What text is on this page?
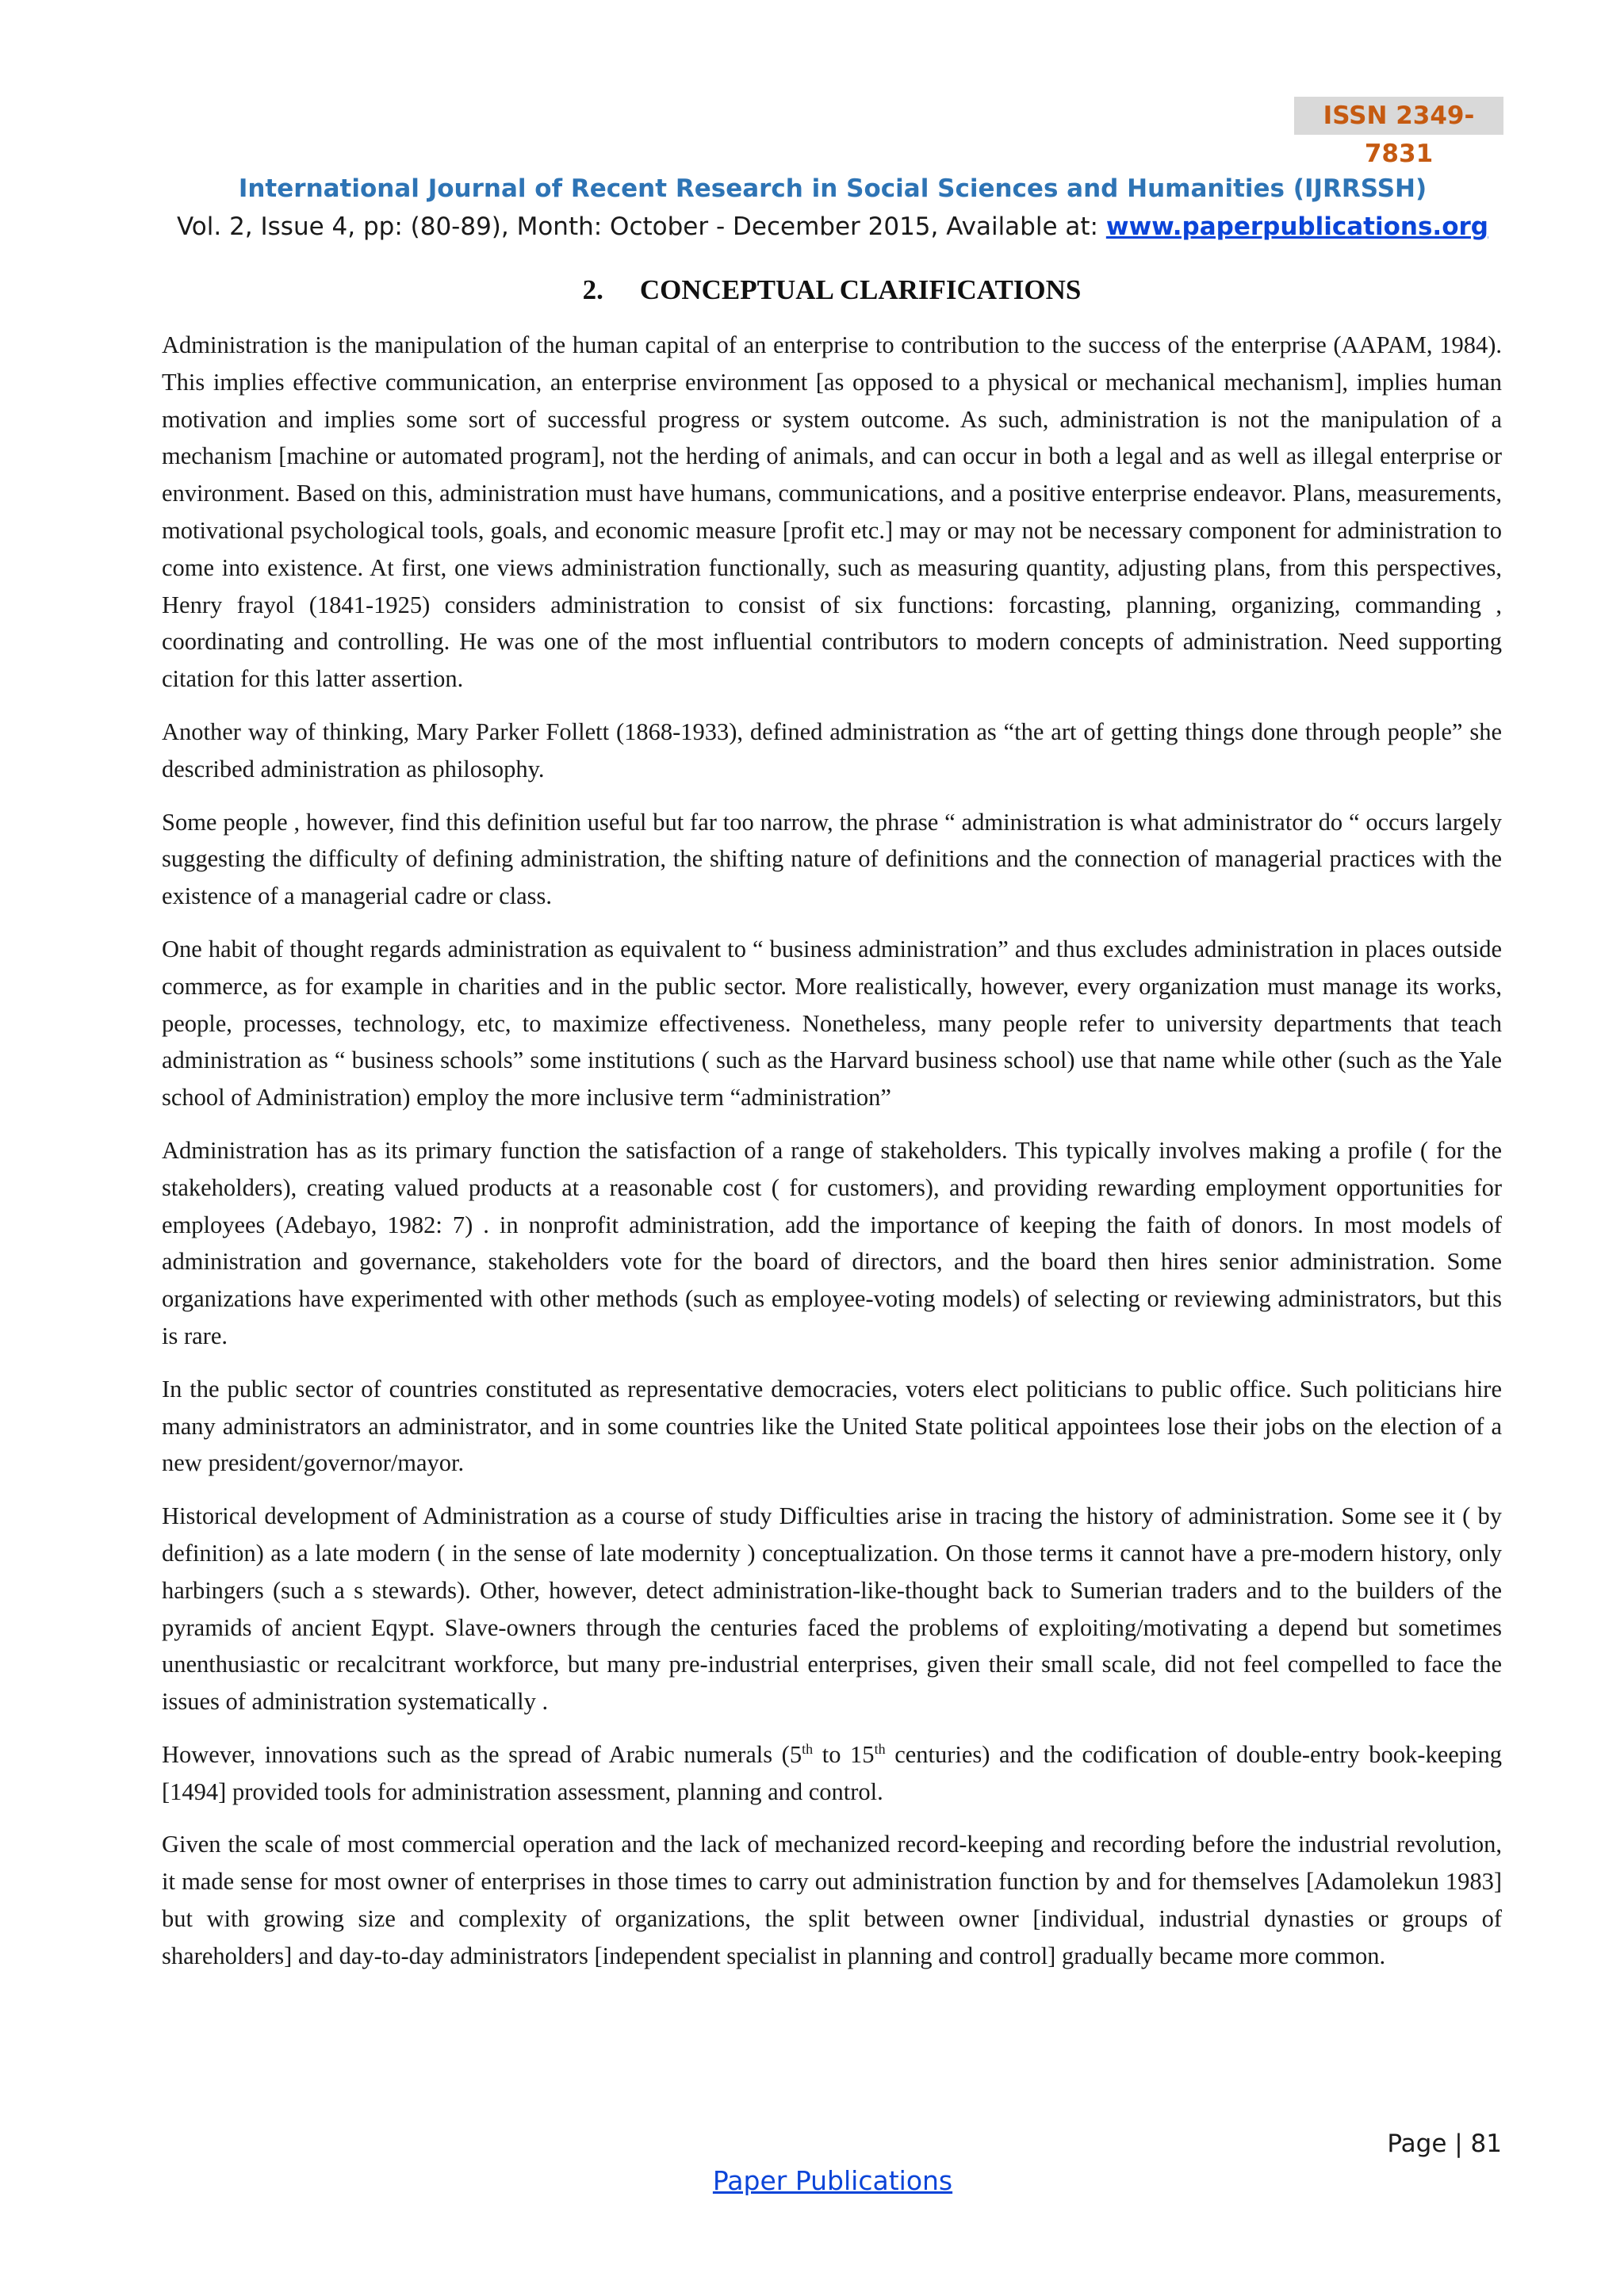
ISSN 2349-7831
International Journal of Recent Research in Social Sciences and Humanities (IJRRSSH)
Vol. 2, Issue 4, pp: (80-89), Month: October - December 2015, Available at: www.paperpublications.org
2. CONCEPTUAL CLARIFICATIONS

Administration is the manipulation of the human capital of an enterprise to contribution to the success of the enterprise (AAPAM, 1984). This implies effective communication, an enterprise environment [as opposed to a physical or mechanical mechanism], implies human motivation and implies some sort of successful progress or system outcome. As such, administration is not the manipulation of a mechanism [machine or automated program], not the herding of animals, and can occur in both a legal and as well as illegal enterprise or environment. Based on this, administration must have humans, communications, and a positive enterprise endeavor. Plans, measurements, motivational psychological tools, goals, and economic measure [profit etc.] may or may not be necessary component for administration to come into existence. At first, one views administration functionally, such as measuring quantity, adjusting plans, from this perspectives, Henry frayol (1841-1925) considers administration to consist of six functions: forcasting, planning, organizing, commanding , coordinating and controlling. He was one of the most influential contributors to modern concepts of administration. Need supporting citation for this latter assertion.

Another way of thinking, Mary Parker Follett (1868-1933), defined administration as “the art of getting things done through people” she described administration as philosophy.

Some people , however, find this definition useful but far too narrow, the phrase “ administration is what administrator do “ occurs largely suggesting the difficulty of defining administration, the shifting nature of definitions and the connection of managerial practices with the existence of a managerial cadre or class.

One habit of thought regards administration as equivalent to “ business administration” and thus excludes administration in places outside commerce, as for example in charities and in the public sector. More realistically, however, every organization must manage its works, people, processes, technology, etc, to maximize effectiveness. Nonetheless, many people refer to university departments that teach administration as “ business schools” some institutions ( such as the Harvard business school) use that name while other (such as the Yale school of Administration) employ the more inclusive term “administration”

Administration has as its primary function the satisfaction of a range of stakeholders. This typically involves making a profile ( for the stakeholders), creating valued products at a reasonable cost ( for customers), and providing rewarding employment opportunities for employees (Adebayo, 1982: 7) . in nonprofit administration, add the importance of keeping the faith of donors. In most models of administration and governance, stakeholders vote for the board of directors, and the board then hires senior administration. Some organizations have experimented with other methods (such as employee-voting models) of selecting or reviewing administrators, but this is rare.

In the public sector of countries constituted as representative democracies, voters elect politicians to public office. Such politicians hire many administrators an administrator, and in some countries like the United State political appointees lose their jobs on the election of a new president/governor/mayor.

Historical development of Administration as a course of study Difficulties arise in tracing the history of administration. Some see it ( by definition) as a late modern ( in the sense of late modernity ) conceptualization. On those terms it cannot have a pre-modern history, only harbingers (such a s stewards). Other, however, detect administration-like-thought back to Sumerian traders and to the builders of the pyramids of ancient Eqypt. Slave-owners through the centuries faced the problems of exploiting/motivating a depend but sometimes unenthusiastic or recalcitrant workforce, but many pre-industrial enterprises, given their small scale, did not feel compelled to face the issues of administration systematically .

However, innovations such as the spread of Arabic numerals (5th to 15th centuries) and the codification of double-entry book-keeping [1494] provided tools for administration assessment, planning and control.

Given the scale of most commercial operation and the lack of mechanized record-keeping and recording before the industrial revolution, it made sense for most owner of enterprises in those times to carry out administration function by and for themselves [Adamolekun 1983] but with growing size and complexity of organizations, the split between owner [individual, industrial dynasties or groups of shareholders] and day-to-day administrators [independent specialist in planning and control] gradually became more common.

Page | 81
Paper Publications
